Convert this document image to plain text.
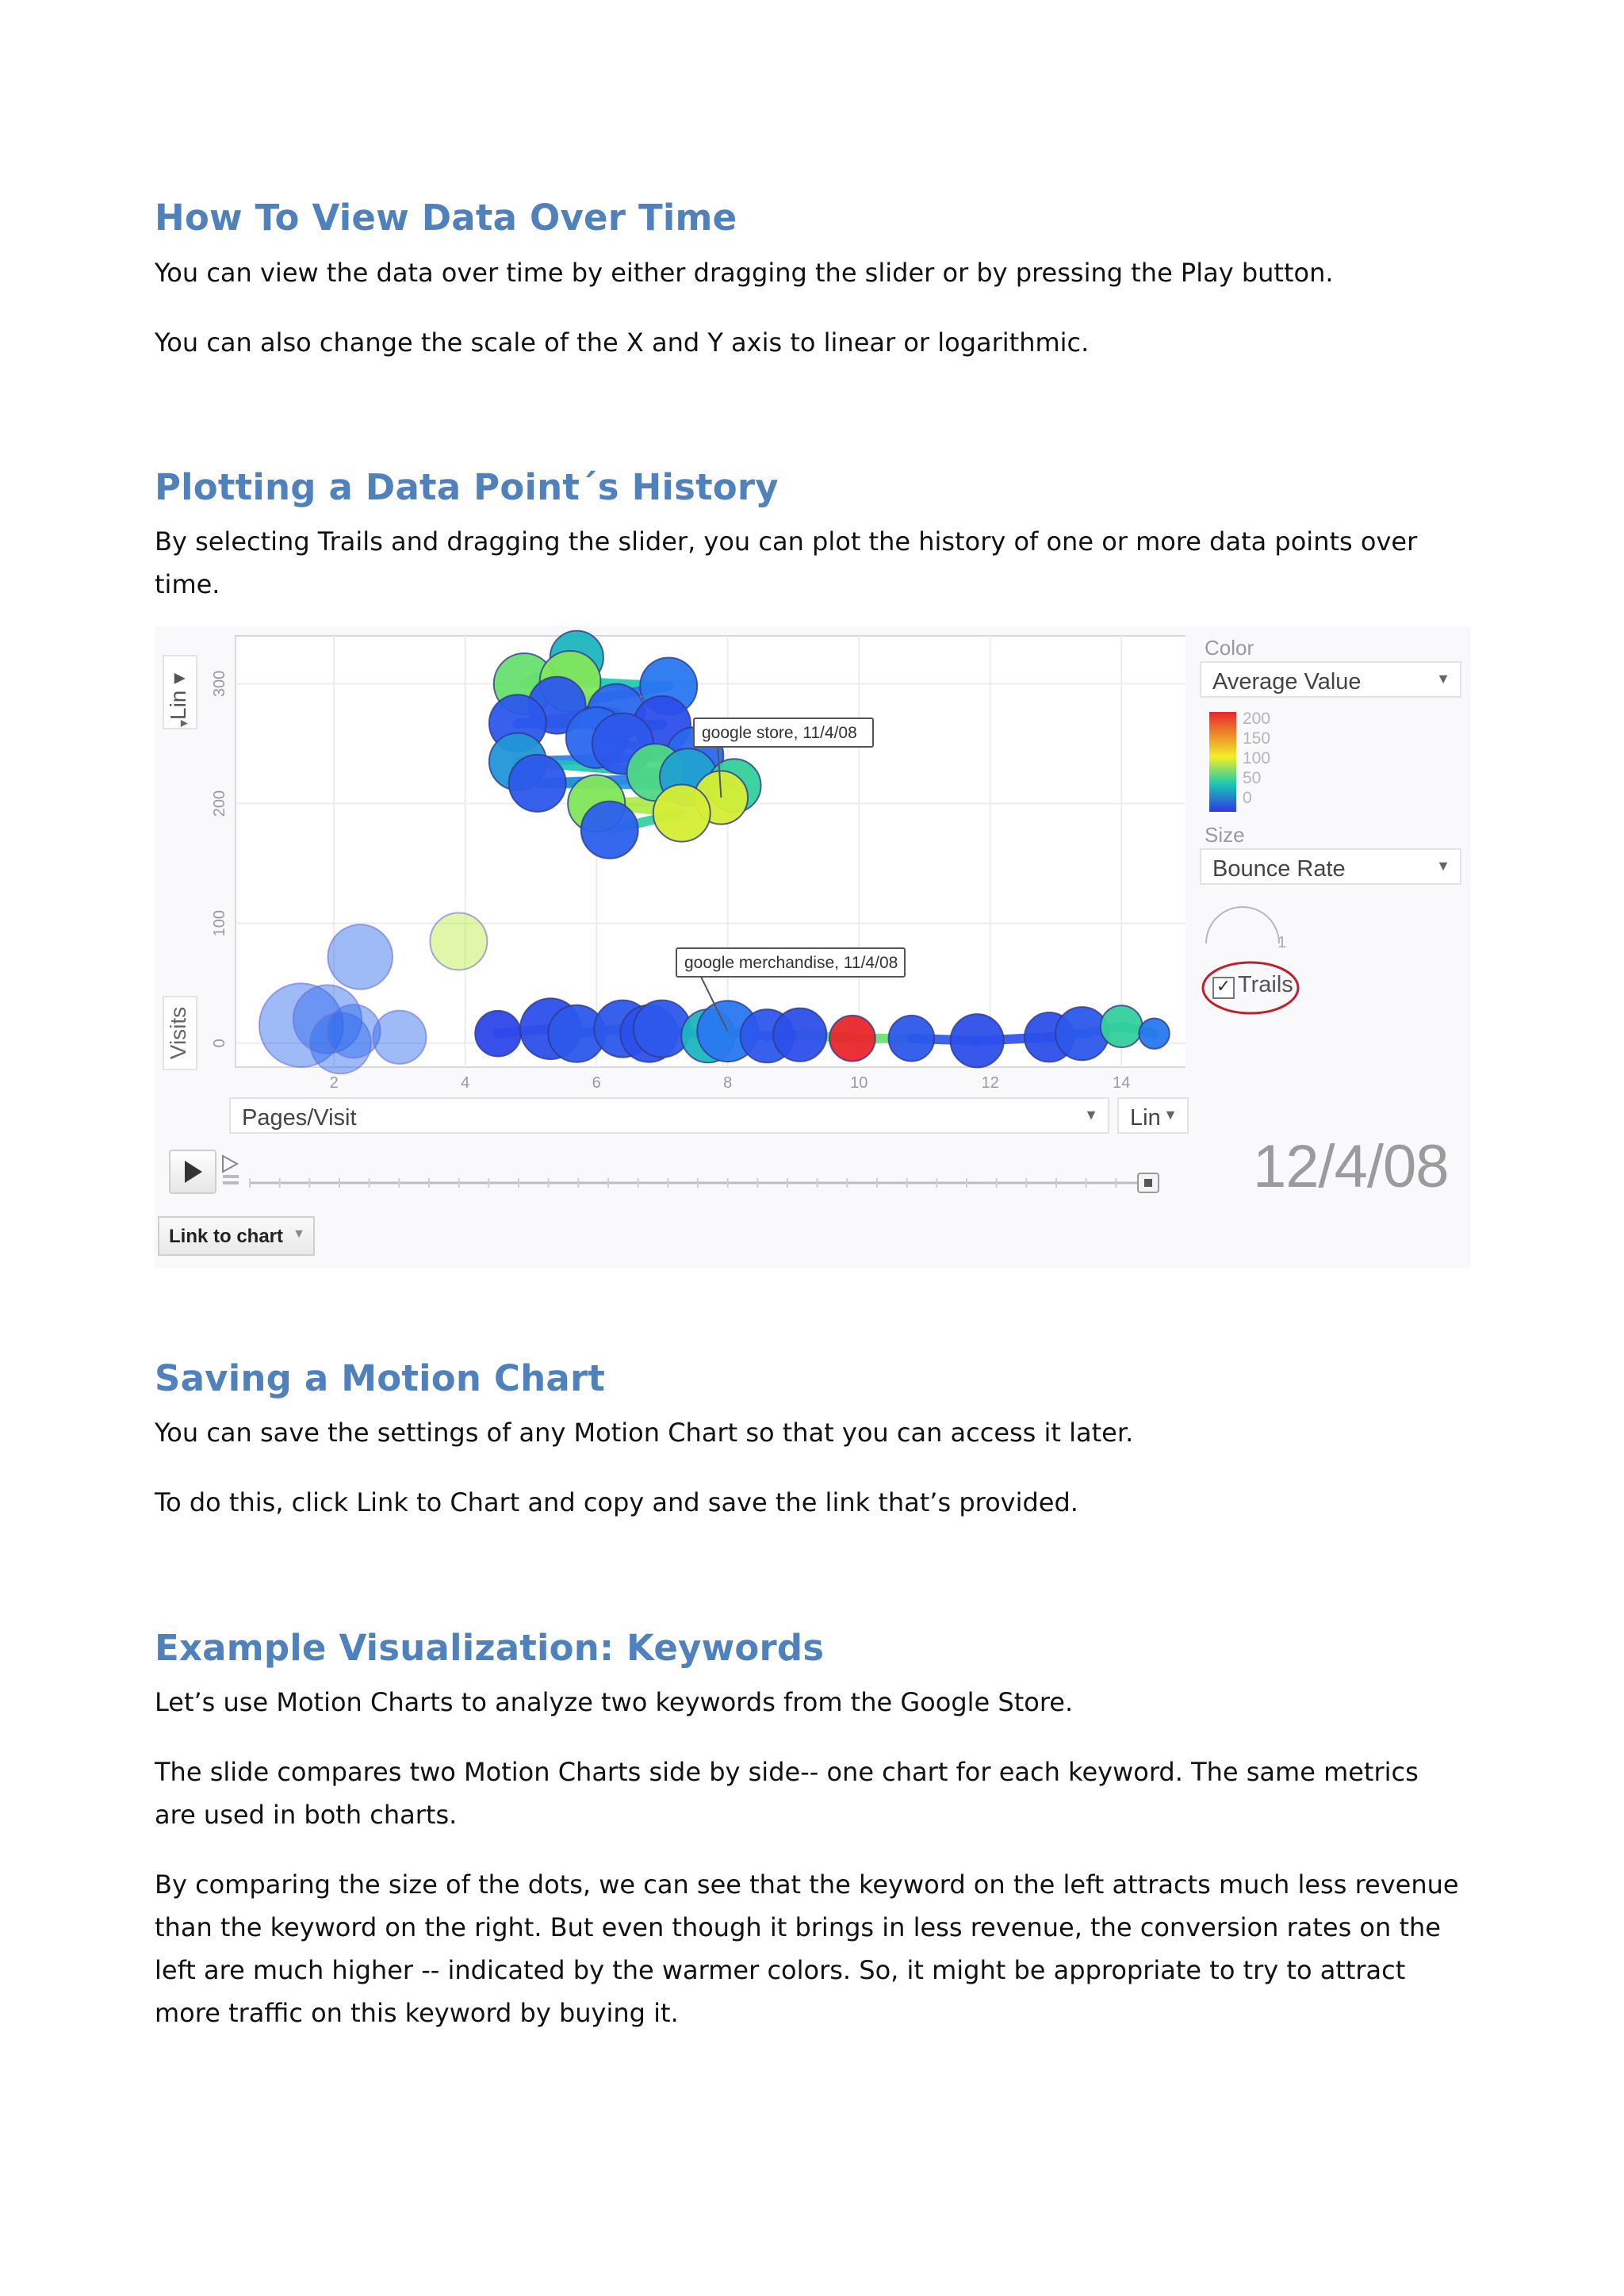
How To View Data Over Time

You can view the data over time by either dragging the slider or by pressing the Play button.

You can also change the scale of the X and Y axis to linear or logarithmic.

Plotting a Data Point´s History

By selecting Trails and dragging the slider, you can plot the history of one or more data points over time.

Visits
Lin ▾
▾
2	4	6	8	10	12	14
0
100
200
300
google store, 11/4/08
google merchandise, 11/4/08
Pages/Visit	▼ Lin ▼
Color
Average Value	▼
200
150
100
50
0
Size
Bounce Rate	▼
1
✓ Trails
12/4/08
Link to chart ▼
Saving a Motion Chart

You can save the settings of any Motion Chart so that you can access it later.

To do this, click Link to Chart and copy and save the link that’s provided.

Example Visualization: Keywords

Let’s use Motion Charts to analyze two keywords from the Google Store.

The slide compares two Motion Charts side by side-- one chart for each keyword. The same metrics are used in both charts.

By comparing the size of the dots, we can see that the keyword on the left attracts much less revenue than the keyword on the right. But even though it brings in less revenue, the conversion rates on the left are much higher -- indicated by the warmer colors. So, it might be appropriate to try to attract more traffic on this keyword by buying it.
